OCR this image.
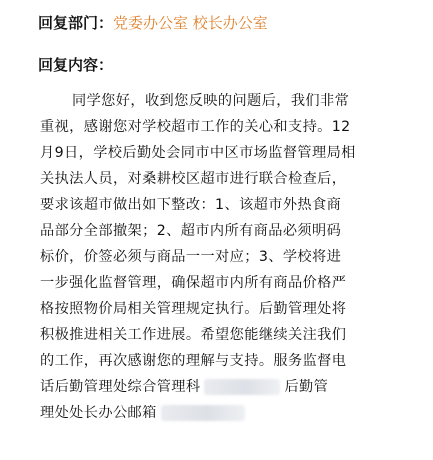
回复部门：党委办公室 校长办公室
回复内容：
同学您好，收到您反映的问题后，我们非常
重视，感谢您对学校超市工作的关心和支持。12
月9日，学校后勤处会同市中区市场监督管理局相
关执法人员，对桑耕校区超市进行联合检查后，
要求该超市做出如下整改：1、该超市外热食商
品部分全部撤架；2、超市内所有商品必须明码
标价，价签必须与商品一一对应；3、学校将进
一步强化监督管理，确保超市内所有商品价格严
格按照物价局相关管理规定执行。后勤管理处将
积极推进相关工作进展。希望您能继续关注我们
的工作，再次感谢您的理解与支持。服务监督电
话后勤管理处综合管理科	后勤管
理处处长办公邮箱
